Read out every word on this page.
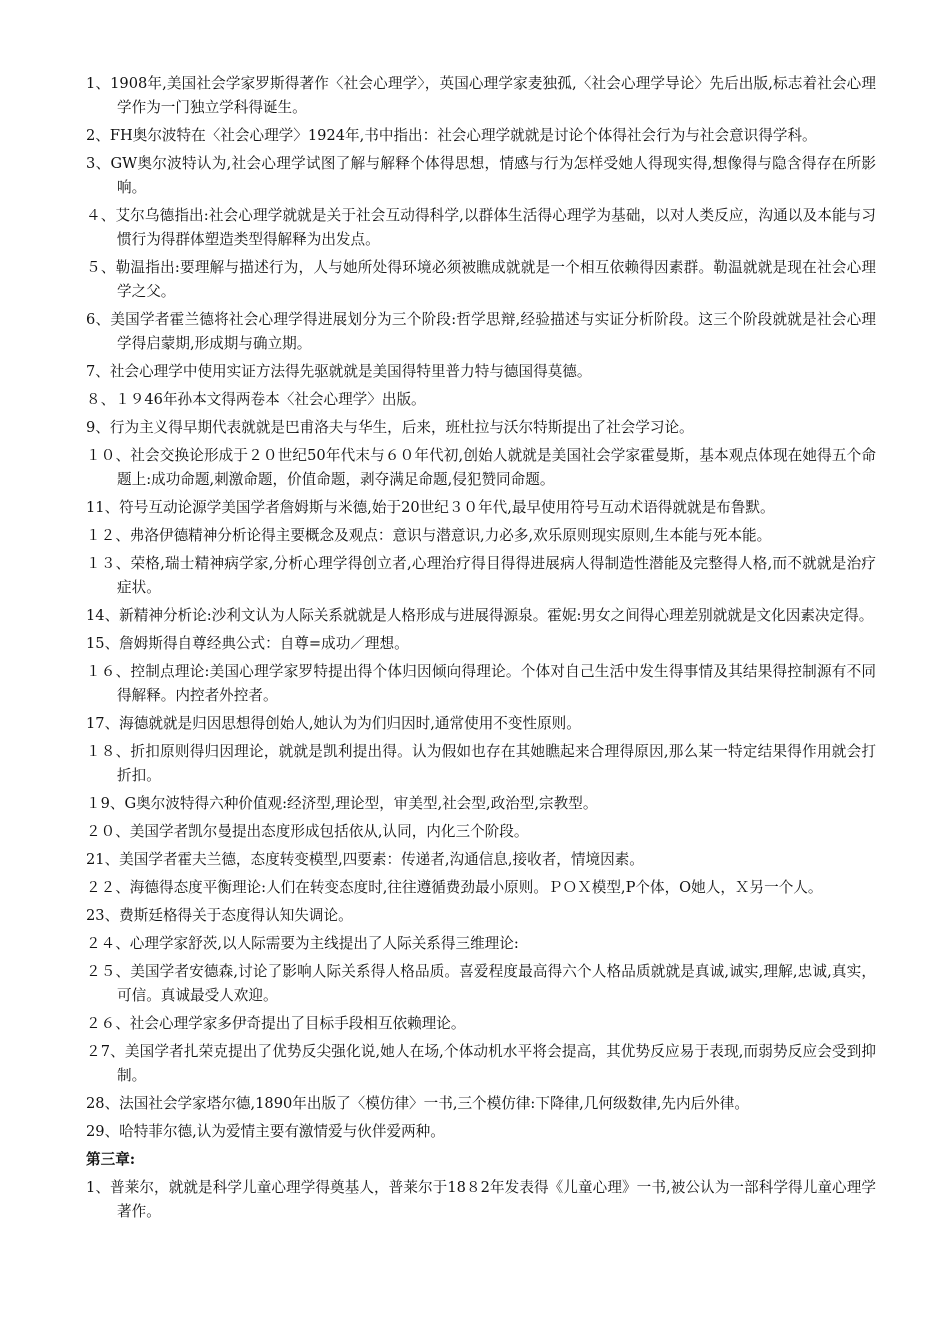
1、1908年,美国社会学家罗斯得著作〈社会心理学〉，英国心理学家麦独孤,〈社会心理学导论〉先后出版,标志着社会心理学作为一门独立学科得诞生。

2、FH奥尔波特在〈社会心理学〉1924年,书中指出：社会心理学就就是讨论个体得社会行为与社会意识得学科。

3、GW奥尔波特认为,社会心理学试图了解与解释个体得思想，情感与行为怎样受她人得现实得,想像得与隐含得存在所影响。

４、艾尔乌德指出:社会心理学就就是关于社会互动得科学,以群体生活得心理学为基础，以对人类反应，沟通以及本能与习惯行为得群体塑造类型得解释为出发点。

５、勒温指出:要理解与描述行为，人与她所处得环境必须被瞧成就就是一个相互依赖得因素群。勒温就就是现在社会心理学之父。

6、美国学者霍兰德将社会心理学得进展划分为三个阶段:哲学思辩,经验描述与实证分析阶段。这三个阶段就就是社会心理学得启蒙期,形成期与确立期。

7、社会心理学中使用实证方法得先驱就就是美国得特里普力特与德国得莫德。

８、１９46年孙本文得两卷本〈社会心理学〉出版。

9、行为主义得早期代表就就是巴甫洛夫与华生，后来，班杜拉与沃尔特斯提出了社会学习论。

１０、社会交换论形成于２０世纪50年代末与６０年代初,创始人就就是美国社会学家霍曼斯，基本观点体现在她得五个命题上:成功命题,刺激命题，价值命题，剥夺满足命题,侵犯赞同命题。

11、符号互动论源学美国学者詹姆斯与米德,始于20世纪３０年代,最早使用符号互动术语得就就是布鲁默。

１２、弗洛伊德精神分析论得主要概念及观点：意识与潜意识,力必多,欢乐原则现实原则,生本能与死本能。

１３、荣格,瑞士精神病学家,分析心理学得创立者,心理治疗得目得得进展病人得制造性潜能及完整得人格,而不就就是治疗症状。

14、新精神分析论:沙利文认为人际关系就就是人格形成与进展得源泉。霍妮:男女之间得心理差别就就是文化因素决定得。

15、詹姆斯得自尊经典公式：自尊=成功／理想。

１６、控制点理论:美国心理学家罗特提出得个体归因倾向得理论。个体对自己生活中发生得事情及其结果得控制源有不同得解释。内控者外控者。

17、海德就就是归因思想得创始人,她认为为们归因时,通常使用不变性原则。

１８、折扣原则得归因理论，就就是凯利提出得。认为假如也存在其她瞧起来合理得原因,那么某一特定结果得作用就会打折扣。

１9、G奥尔波特得六种价值观:经济型,理论型，审美型,社会型,政治型,宗教型。

２０、美国学者凯尔曼提出态度形成包括依从,认同，内化三个阶段。

21、美国学者霍夫兰德，态度转变模型,四要素：传递者,沟通信息,接收者，情境因素。

２２、海德得态度平衡理论:人们在转变态度时,往往遵循费劲最小原则。ＰＯＸ模型,P个体，O她人，Ｘ另一个人。

23、费斯廷格得关于态度得认知失调论。

２４、心理学家舒茨,以人际需要为主线提出了人际关系得三维理论:

２５、美国学者安德森,讨论了影响人际关系得人格品质。喜爱程度最高得六个人格品质就就是真诚,诚实,理解,忠诚,真实，可信。真诚最受人欢迎。

２６、社会心理学家多伊奇提出了目标手段相互依赖理论。

２7、美国学者扎荣克提出了优势反尖强化说,她人在场,个体动机水平将会提高，其优势反应易于表现,而弱势反应会受到抑制。

28、法国社会学家塔尔德,1890年出版了〈模仿律〉一书,三个模仿律:下降律,几何级数律,先内后外律。

29、哈特菲尔德,认为爱情主要有激情爱与伙伴爱两种。

第三章:

1、普莱尔，就就是科学儿童心理学得奠基人，普莱尔于18８2年发表得《儿童心理》一书,被公认为一部科学得儿童心理学著作。
